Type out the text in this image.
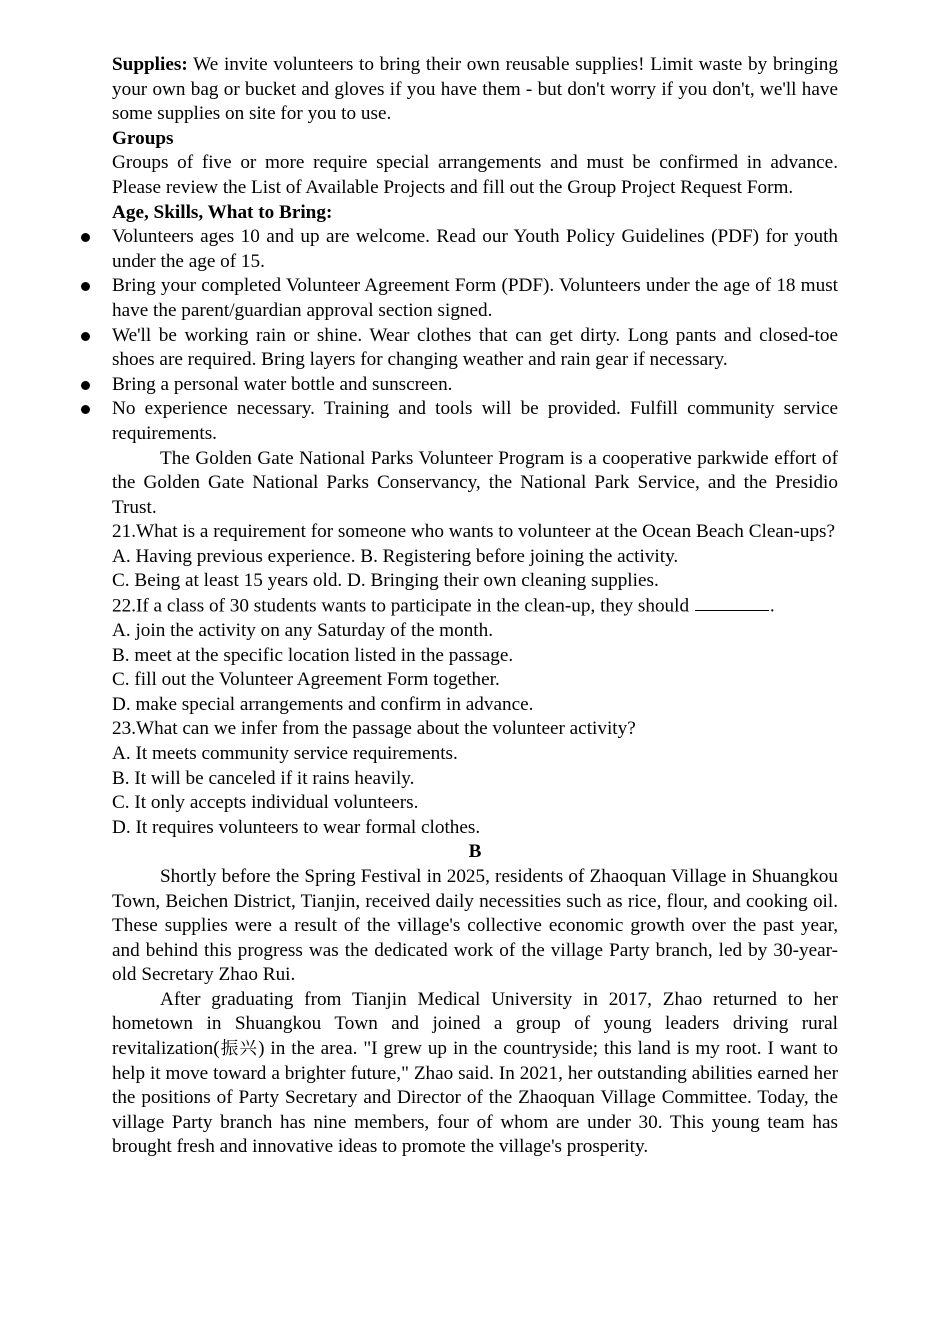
Supplies: We invite volunteers to bring their own reusable supplies! Limit waste by bringing your own bag or bucket and gloves if you have them - but don't worry if you don't, we'll have some supplies on site for you to use.

Groups

Groups of five or more require special arrangements and must be confirmed in advance. Please review the List of Available Projects and fill out the Group Project Request Form.

Age, Skills, What to Bring:

Volunteers ages 10 and up are welcome. Read our Youth Policy Guidelines (PDF) for youth under the age of 15.
Bring your completed Volunteer Agreement Form (PDF). Volunteers under the age of 18 must have the parent/guardian approval section signed.
We'll be working rain or shine. Wear clothes that can get dirty. Long pants and closed-toe shoes are required. Bring layers for changing weather and rain gear if necessary.
Bring a personal water bottle and sunscreen.
No experience necessary. Training and tools will be provided. Fulfill community service requirements.

The Golden Gate National Parks Volunteer Program is a cooperative parkwide effort of the Golden Gate National Parks Conservancy, the National Park Service, and the Presidio Trust.

21.What is a requirement for someone who wants to volunteer at the Ocean Beach Clean-ups?

A. Having previous experience. B. Registering before joining the activity.

C. Being at least 15 years old. D. Bringing their own cleaning supplies.

22.If a class of 30 students wants to participate in the clean-up, they should	.

A. join the activity on any Saturday of the month.

B. meet at the specific location listed in the passage.

C. fill out the Volunteer Agreement Form together.

D. make special arrangements and confirm in advance.

23.What can we infer from the passage about the volunteer activity?

A. It meets community service requirements.

B. It will be canceled if it rains heavily.

C. It only accepts individual volunteers.

D. It requires volunteers to wear formal clothes.

B

Shortly before the Spring Festival in 2025, residents of Zhaoquan Village in Shuangkou Town, Beichen District, Tianjin, received daily necessities such as rice, flour, and cooking oil. These supplies were a result of the village's collective economic growth over the past year, and behind this progress was the dedicated work of the village Party branch, led by 30-year-old Secretary Zhao Rui.

After graduating from Tianjin Medical University in 2017, Zhao returned to her hometown in Shuangkou Town and joined a group of young leaders driving rural revitalization(振兴) in the area. "I grew up in the countryside; this land is my root. I want to help it move toward a brighter future," Zhao said. In 2021, her outstanding abilities earned her the positions of Party Secretary and Director of the Zhaoquan Village Committee. Today, the village Party branch has nine members, four of whom are under 30. This young team has brought fresh and innovative ideas to promote the village's prosperity.
